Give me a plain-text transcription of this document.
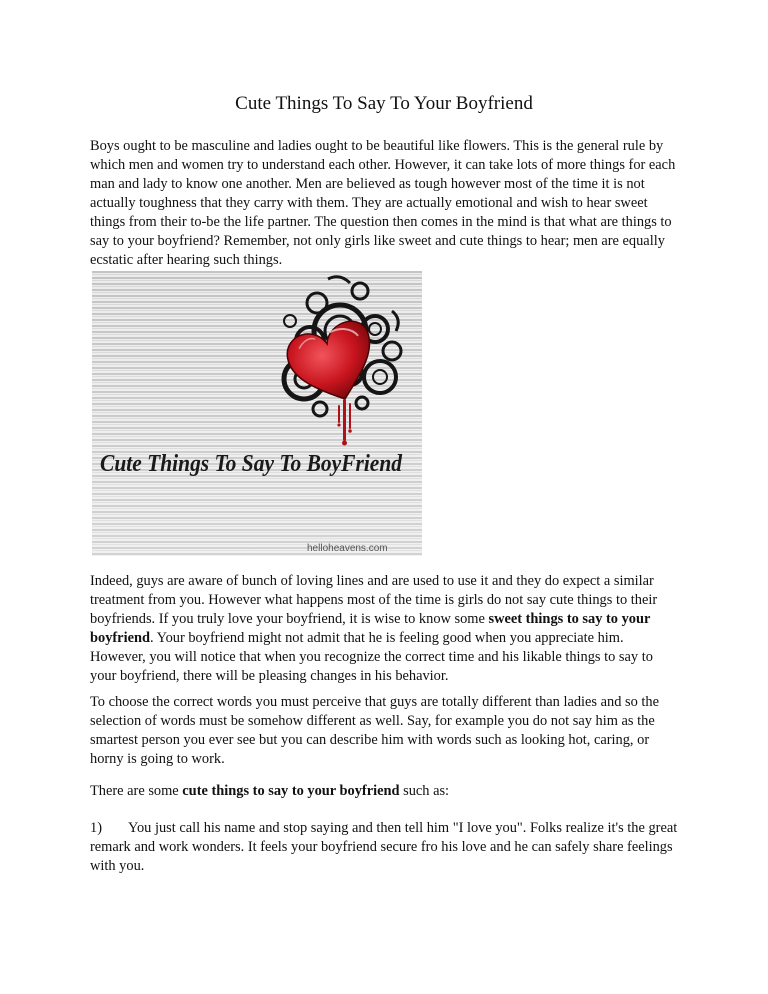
Cute Things To Say To Your Boyfriend

Boys ought to be masculine and ladies ought to be beautiful like flowers. This is the general rule by which men and women try to understand each other. However, it can take lots of more things for each man and lady to know one another. Men are believed as tough however most of the time it is not actually toughness that they carry with them. They are actually emotional and wish to hear sweet things from their to-be the life partner. The question then comes in the mind is that what are things to say to your boyfriend? Remember, not only girls like sweet and cute things to hear; men are equally ecstatic after hearing such things.

Cute Things To Say To BoyFriend
helloheavens.com

Indeed, guys are aware of bunch of loving lines and are used to use it and they do expect a similar treatment from you. However what happens most of the time is girls do not say cute things to their boyfriends. If you truly love your boyfriend, it is wise to know some sweet things to say to your boyfriend. Your boyfriend might not admit that he is feeling good when you appreciate him. However, you will notice that when you recognize the correct time and his likable things to say to your boyfriend, there will be pleasing changes in his behavior.

To choose the correct words you must perceive that guys are totally different than ladies and so the selection of words must be somehow different as well. Say, for example you do not say him as the smartest person you ever see but you can describe him with words such as looking hot, caring, or horny is going to work.

There are some cute things to say to your boyfriend such as:

1) You just call his name and stop saying and then tell him "I love you". Folks realize it's the great remark and work wonders. It feels your boyfriend secure fro his love and he can safely share feelings with you.
